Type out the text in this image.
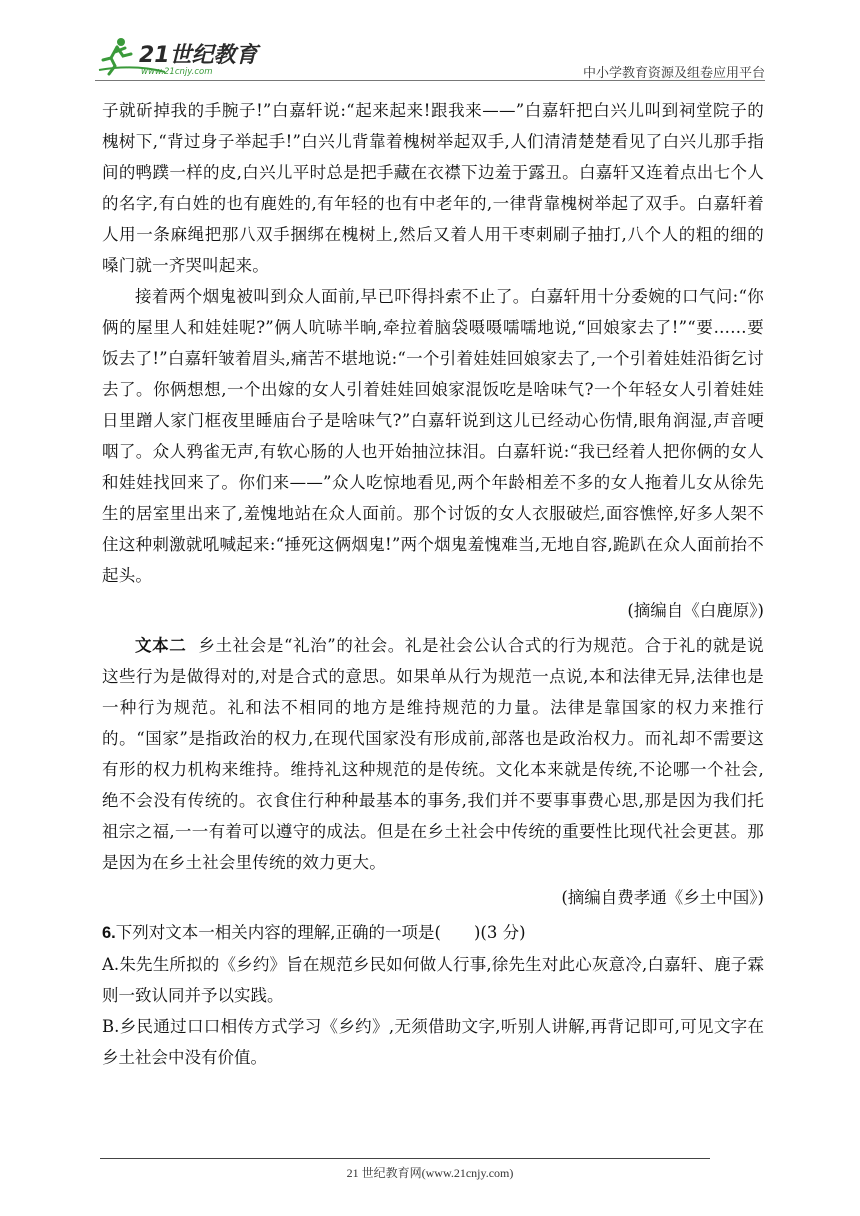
21世纪教育
www.21cnjy.com	中小学教育资源及组卷应用平台

子就斫掉我的手腕子!”白嘉轩说:“起来起来!跟我来——”白嘉轩把白兴儿叫到祠堂院子的槐树下,“背过身子举起手!”白兴儿背靠着槐树举起双手,人们清清楚楚看见了白兴儿那手指间的鸭蹼一样的皮,白兴儿平时总是把手藏在衣襟下边羞于露丑。白嘉轩又连着点出七个人的名字,有白姓的也有鹿姓的,有年轻的也有中老年的,一律背靠槐树举起了双手。白嘉轩着人用一条麻绳把那八双手捆绑在槐树上,然后又着人用干枣刺刷子抽打,八个人的粗的细的嗓门就一齐哭叫起来。

接着两个烟鬼被叫到众人面前,早已吓得抖索不止了。白嘉轩用十分委婉的口气问:“你俩的屋里人和娃娃呢?”俩人吭哧半晌,牵拉着脑袋嗫嗫嚅嚅地说,“回娘家去了!”“要……要饭去了!”白嘉轩皱着眉头,痛苦不堪地说:“一个引着娃娃回娘家去了,一个引着娃娃沿街乞讨去了。你俩想想,一个出嫁的女人引着娃娃回娘家混饭吃是啥味气?一个年轻女人引着娃娃日里蹭人家门框夜里睡庙台子是啥味气?”白嘉轩说到这儿已经动心伤情,眼角润湿,声音哽咽了。众人鸦雀无声,有软心肠的人也开始抽泣抹泪。白嘉轩说:“我已经着人把你俩的女人和娃娃找回来了。你们来——”众人吃惊地看见,两个年龄相差不多的女人拖着儿女从徐先生的居室里出来了,羞愧地站在众人面前。那个讨饭的女人衣服破烂,面容憔悴,好多人架不住这种刺激就吼喊起来:“捶死这俩烟鬼!”两个烟鬼羞愧难当,无地自容,跪趴在众人面前抬不起头。

(摘编自《白鹿原》)

文本二 乡土社会是“礼治”的社会。礼是社会公认合式的行为规范。合于礼的就是说这些行为是做得对的,对是合式的意思。如果单从行为规范一点说,本和法律无异,法律也是一种行为规范。礼和法不相同的地方是维持规范的力量。法律是靠国家的权力来推行的。“国家”是指政治的权力,在现代国家没有形成前,部落也是政治权力。而礼却不需要这有形的权力机构来维持。维持礼这种规范的是传统。文化本来就是传统,不论哪一个社会,绝不会没有传统的。衣食住行种种最基本的事务,我们并不要事事费心思,那是因为我们托祖宗之福,一一有着可以遵守的成法。但是在乡土社会中传统的重要性比现代社会更甚。那是因为在乡土社会里传统的效力更大。

(摘编自费孝通《乡土中国》)

6.下列对文本一相关内容的理解,正确的一项是(　　)(3 分)

A.朱先生所拟的《乡约》旨在规范乡民如何做人行事,徐先生对此心灰意冷,白嘉轩、鹿子霖则一致认同并予以实践。

B.乡民通过口口相传方式学习《乡约》,无须借助文字,听别人讲解,再背记即可,可见文字在乡土社会中没有价值。

21 世纪教育网(www.21cnjy.com)
